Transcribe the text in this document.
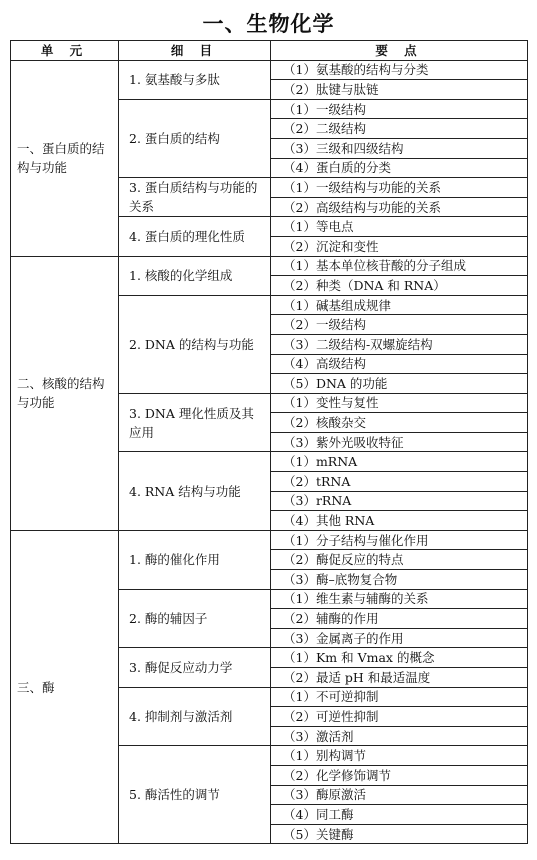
一、生物化学
单 元	细 目	要 点
一、蛋白质的结构与功能	1. 氨基酸与多肽	（1）氨基酸的结构与分类
		（2）肽键与肽链
	2. 蛋白质的结构	（1）一级结构
		（2）二级结构
		（3）三级和四级结构
		（4）蛋白质的分类
	3. 蛋白质结构与功能的关系	（1）一级结构与功能的关系
		（2）高级结构与功能的关系
	4. 蛋白质的理化性质	（1）等电点
		（2）沉淀和变性
二、核酸的结构与功能	1. 核酸的化学组成	（1）基本单位核苷酸的分子组成
		（2）种类（DNA 和 RNA）
	2. DNA 的结构与功能	（1）碱基组成规律
		（2）一级结构
		（3）二级结构-双螺旋结构
		（4）高级结构
		（5）DNA 的功能
	3. DNA 理化性质及其应用	（1）变性与复性
		（2）核酸杂交
		（3）紫外光吸收特征
	4. RNA 结构与功能	（1）mRNA
		（2）tRNA
		（3）rRNA
		（4）其他 RNA
三、酶	1. 酶的催化作用	（1）分子结构与催化作用
		（2）酶促反应的特点
		（3）酶–底物复合物
	2. 酶的辅因子	（1）维生素与辅酶的关系
		（2）辅酶的作用
		（3）金属离子的作用
	3. 酶促反应动力学	（1）Km 和 Vmax 的概念
		（2）最适 pH 和最适温度
	4. 抑制剂与激活剂	（1）不可逆抑制
		（2）可逆性抑制
		（3）激活剂
	5. 酶活性的调节	（1）别构调节
		（2）化学修饰调节
		（3）酶原激活
		（4）同工酶
		（5）关键酶
